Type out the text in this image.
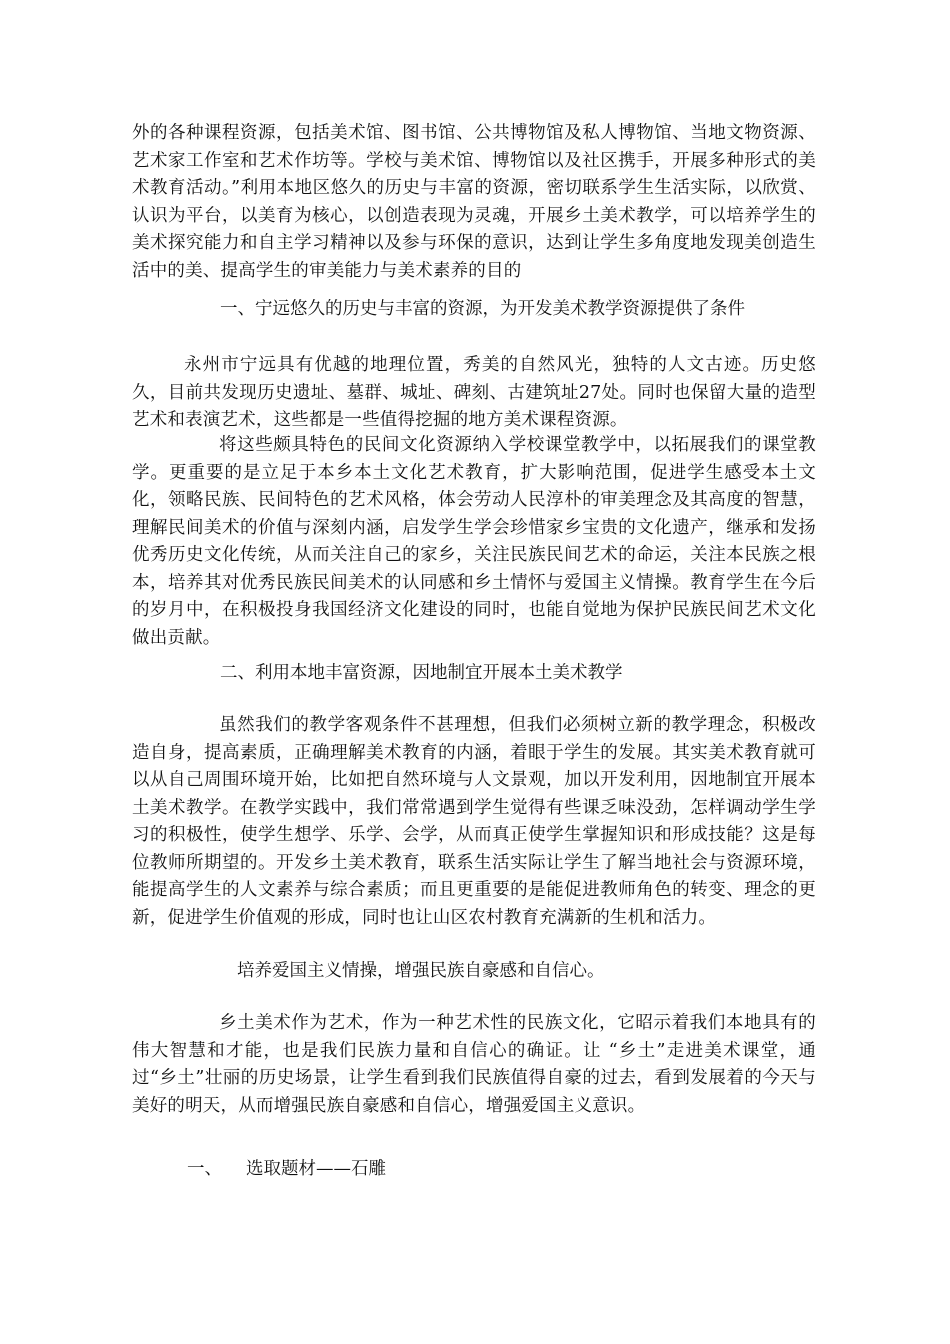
外的各种课程资源，包括美术馆、图书馆、公共博物馆及私人博物馆、当地文物资源、艺术家工作室和艺术作坊等。学校与美术馆、博物馆以及社区携手，开展多种形式的美术教育活动。”利用本地区悠久的历史与丰富的资源，密切联系学生生活实际，以欣赏、认识为平台，以美育为核心，以创造表现为灵魂，开展乡土美术教学，可以培养学生的美术探究能力和自主学习精神以及参与环保的意识，达到让学生多角度地发现美创造生活中的美、提高学生的审美能力与美术素养的目的
一、宁远悠久的历史与丰富的资源，为开发美术教学资源提供了条件
永州市宁远具有优越的地理位置，秀美的自然风光，独特的人文古迹。历史悠久，目前共发现历史遗址、墓群、城址、碑刻、古建筑址27处。同时也保留大量的造型艺术和表演艺术，这些都是一些值得挖掘的地方美术课程资源。
将这些颇具特色的民间文化资源纳入学校课堂教学中，以拓展我们的课堂教学。更重要的是立足于本乡本土文化艺术教育，扩大影响范围，促进学生感受本土文化，领略民族、民间特色的艺术风格，体会劳动人民淳朴的审美理念及其高度的智慧，理解民间美术的价值与深刻内涵，启发学生学会珍惜家乡宝贵的文化遗产，继承和发扬优秀历史文化传统，从而关注自己的家乡，关注民族民间艺术的命运，关注本民族之根本，培养其对优秀民族民间美术的认同感和乡土情怀与爱国主义情操。教育学生在今后的岁月中，在积极投身我国经济文化建设的同时，也能自觉地为保护民族民间艺术文化做出贡献。
二、利用本地丰富资源，因地制宜开展本土美术教学
虽然我们的教学客观条件不甚理想，但我们必须树立新的教学理念，积极改造自身，提高素质，正确理解美术教育的内涵，着眼于学生的发展。其实美术教育就可以从自己周围环境开始，比如把自然环境与人文景观，加以开发利用，因地制宜开展本土美术教学。在教学实践中，我们常常遇到学生觉得有些课乏味没劲，怎样调动学生学习的积极性，使学生想学、乐学、会学，从而真正使学生掌握知识和形成技能？这是每位教师所期望的。开发乡土美术教育，联系生活实际让学生了解当地社会与资源环境，能提高学生的人文素养与综合素质；而且更重要的是能促进教师角色的转变、理念的更新，促进学生价值观的形成，同时也让山区农村教育充满新的生机和活力。
培养爱国主义情操，增强民族自豪感和自信心。
乡土美术作为艺术，作为一种艺术性的民族文化，它昭示着我们本地具有的伟大智慧和才能，也是我们民族力量和自信心的确证。让 “乡土”走进美术课堂，通过“乡土”壮丽的历史场景，让学生看到我们民族值得自豪的过去，看到发展着的今天与美好的明天，从而增强民族自豪感和自信心，增强爱国主义意识。
一、 选取题材——石雕
